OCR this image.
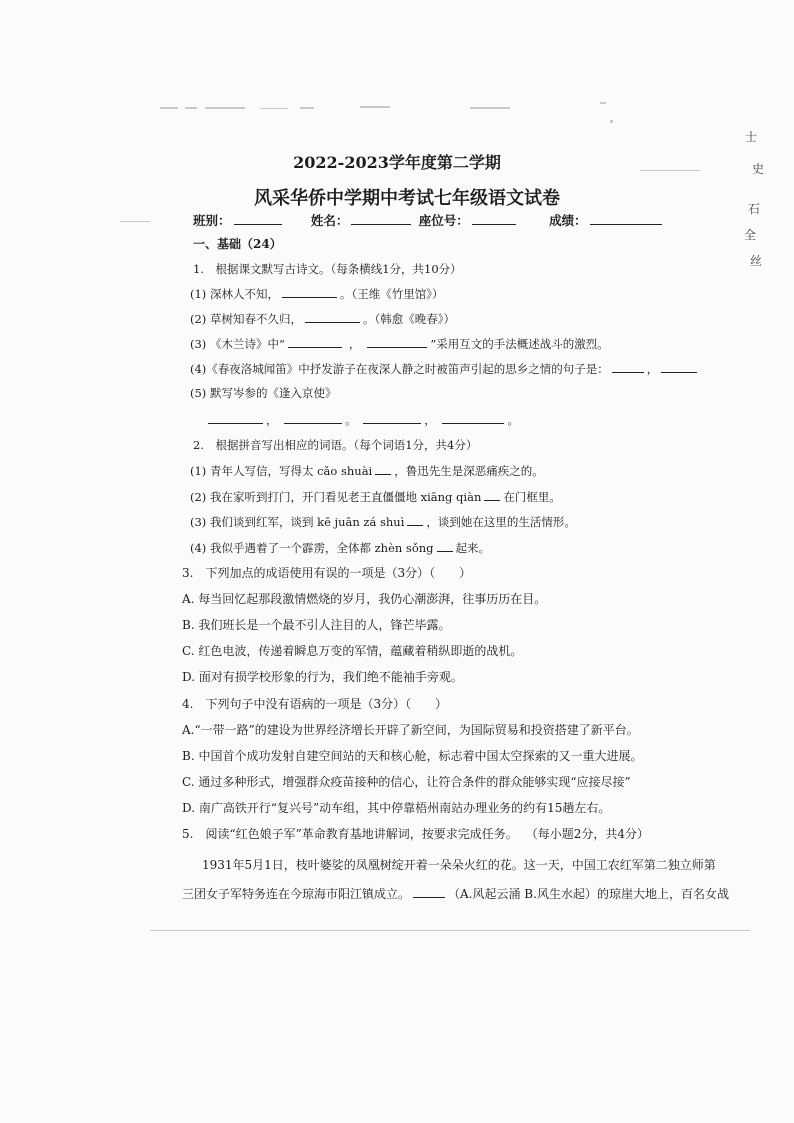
士
史
石
全
丝
2022-2023学年度第二学期
风采华侨中学期中考试七年级语文试卷
班别：	姓名：	座位号：	成绩：
一、基础（24）
1.　根据课文默写古诗文。（每条横线1分，共10分）
(1) 深林人不知，	。（王维《竹里馆》）
(2) 草树知春不久归，	。（韩愈《晚春》）
(3) 《木兰诗》中“	，	”采用互文的手法概述战斗的激烈。
(4)《春夜洛城闻笛》中抒发游子在夜深人静之时被笛声引起的思乡之情的句子是：	，
(5) 默写岑参的《逢入京使》
，	。	，	。
2.　根据拼音写出相应的词语。（每个词语1分，共4分）
(1) 青年人写信，写得太 cǎo shuài ，鲁迅先生是深恶痛疾之的。
(2) 我在家听到打门，开门看见老王直僵僵地 xiāng qiàn 在门框里。
(3) 我们谈到红军，谈到 kē juān zá shuì ，谈到她在这里的生活情形。
(4) 我似乎遇着了一个霹雳，全体都 zhèn sǒng 起来。
3.　下列加点的成语使用有误的一项是（3分）（　　）
A. 每当回忆起那段激情燃烧的岁月，我仍心潮澎湃，往事历历在目。
B. 我们班长是一个最不引人注目的人，锋芒毕露。
C. 红色电波，传递着瞬息万变的军情，蕴藏着稍纵即逝的战机。
D. 面对有损学校形象的行为，我们绝不能袖手旁观。
4.　下列句子中没有语病的一项是（3分）（　　）
A.“一带一路”的建设为世界经济增长开辟了新空间，为国际贸易和投资搭建了新平台。
B. 中国首个成功发射自建空间站的天和核心舱，标志着中国太空探索的又一重大进展。
C. 通过多种形式，增强群众疫苗接种的信心，让符合条件的群众能够实现“应接尽接”
D. 南广高铁开行“复兴号”动车组，其中停靠梧州南站办理业务的约有15趟左右。
5.　阅读“红色娘子军”革命教育基地讲解词，按要求完成任务。 （每小题2分，共4分）
1931年5月1日，枝叶婆娑的凤凰树绽开着一朵朵火红的花。这一天，中国工农红军第二独立师第
三团女子军特务连在今琼海市阳江镇成立。	（A.风起云涌 B.风生水起）的琼崖大地上，百名女战
